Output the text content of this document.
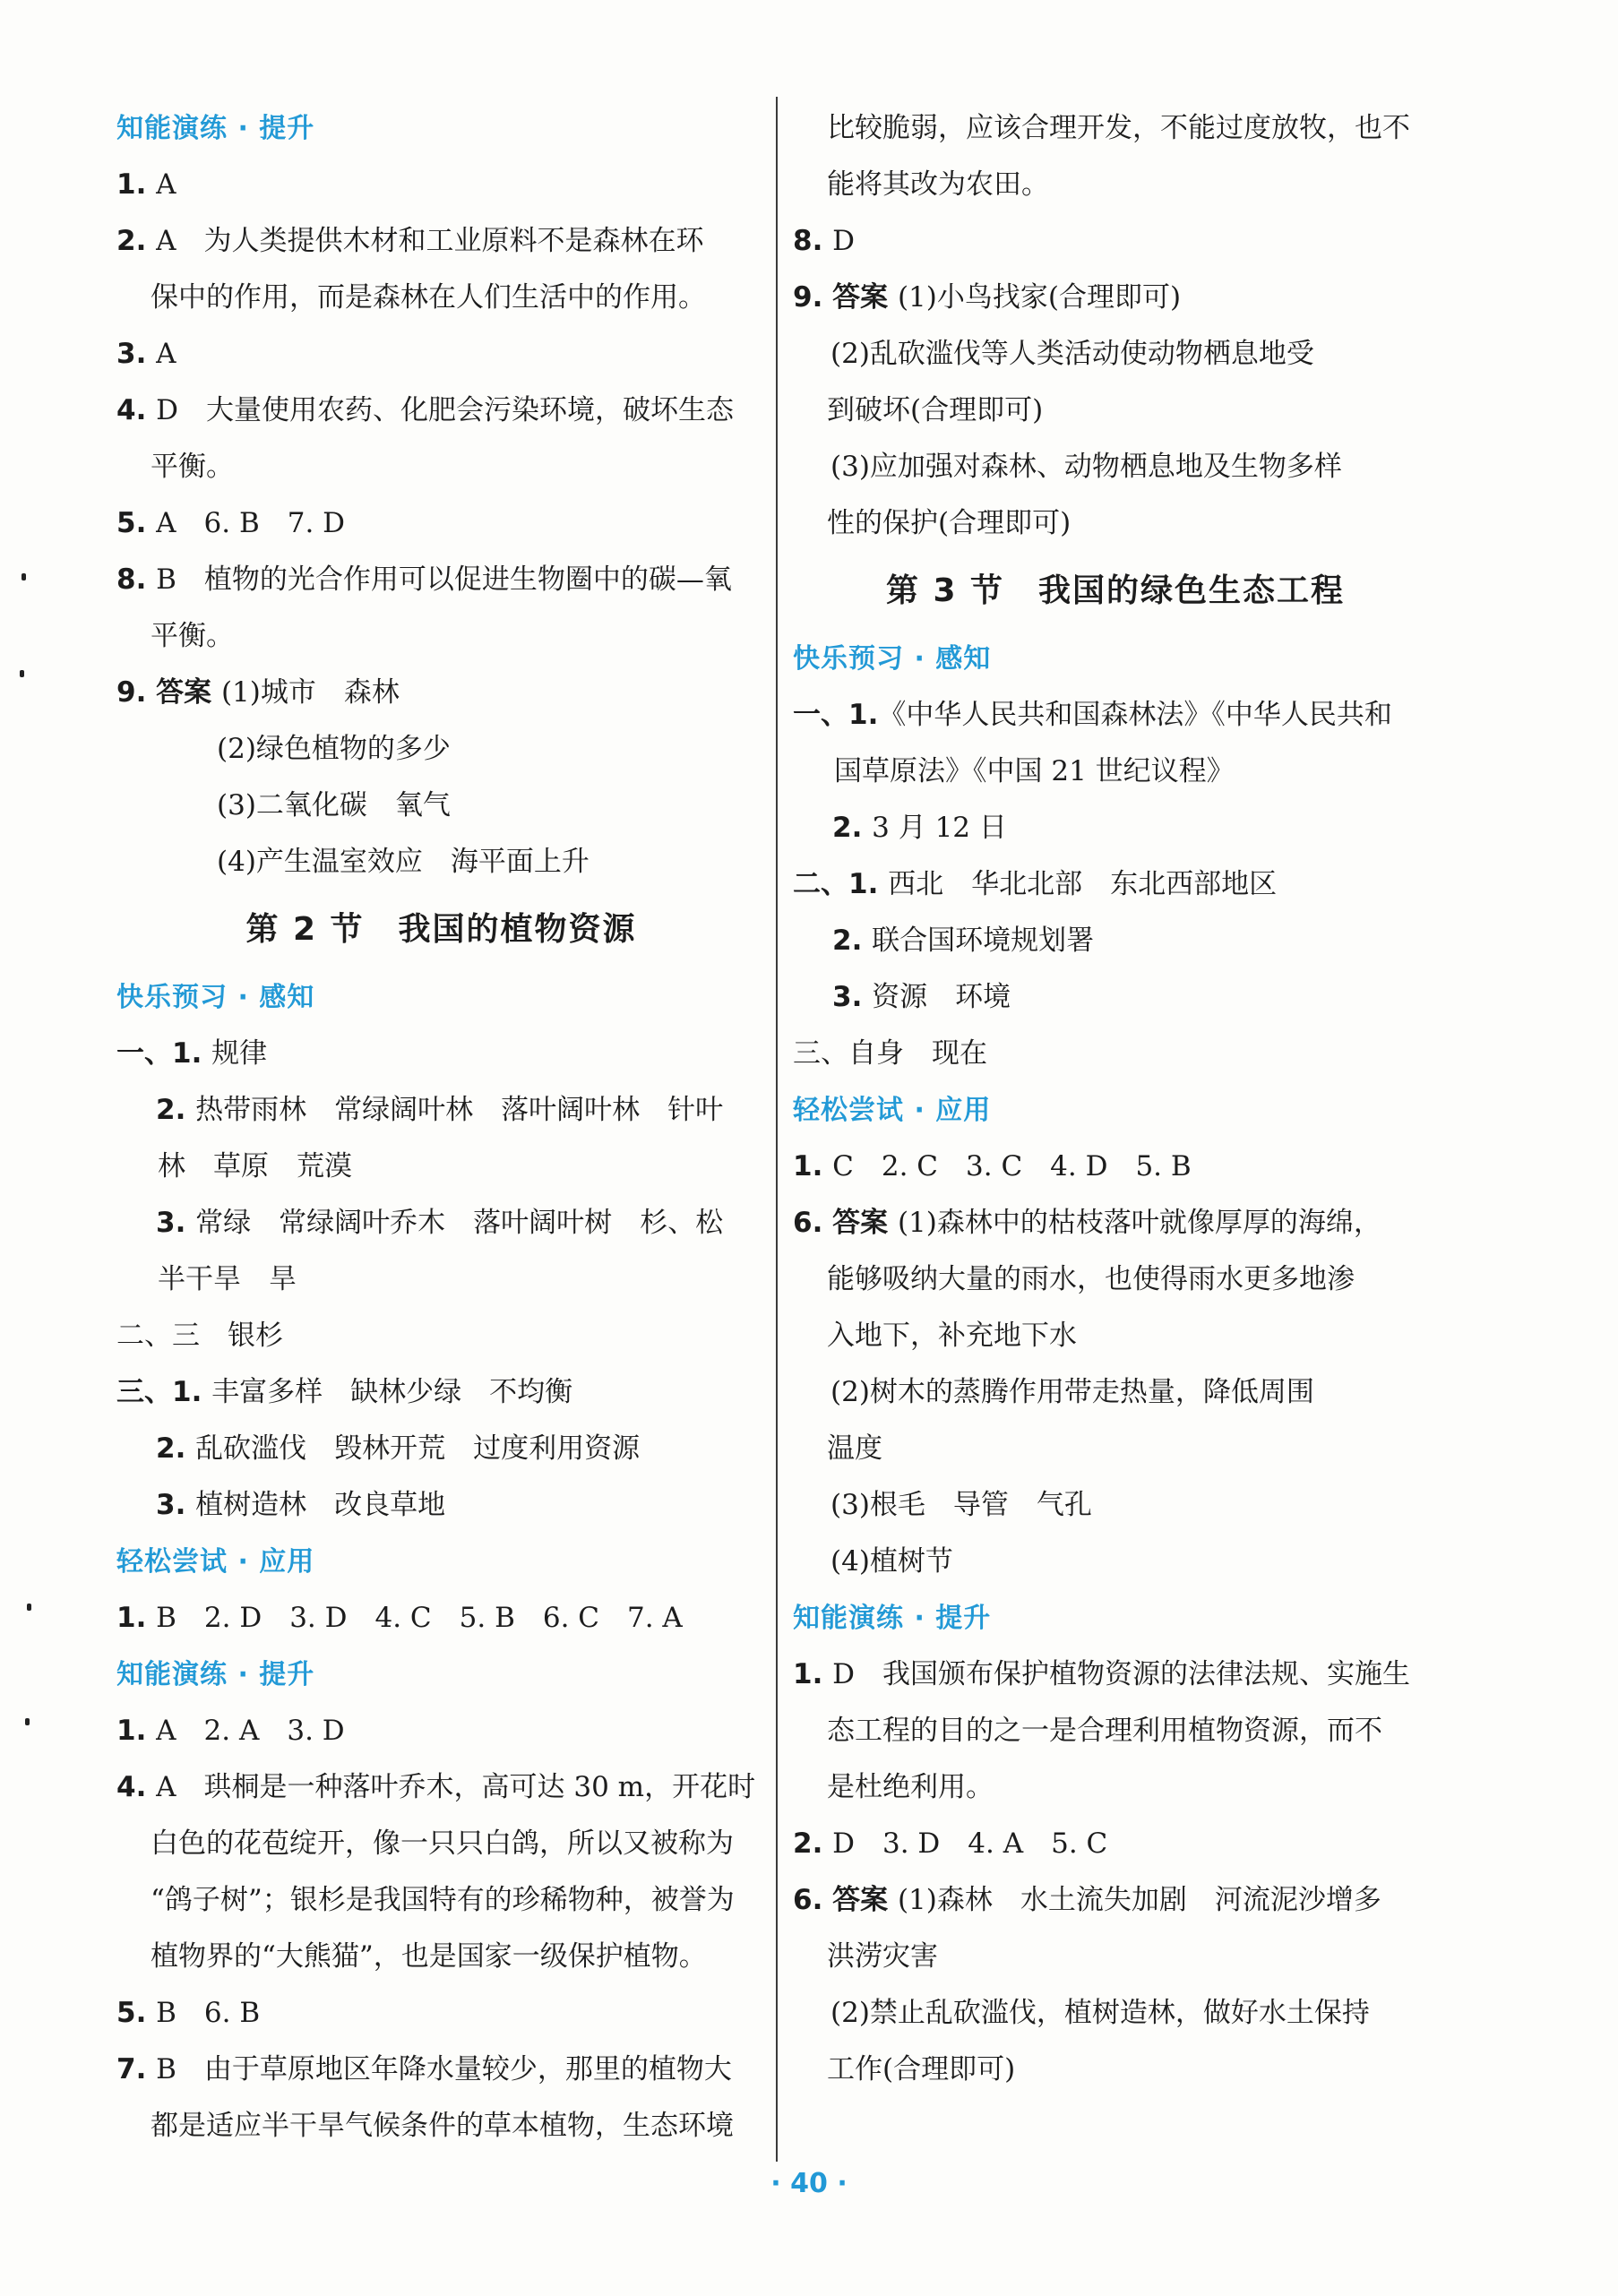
知能演练 · 提升
1. A
2. A　为人类提供木材和工业原料不是森林在环
保中的作用，而是森林在人们生活中的作用。
3. A
4. D　大量使用农药、化肥会污染环境，破坏生态
平衡。
5. A　6. B　7. D
8. B　植物的光合作用可以促进生物圈中的碳—氧
平衡。
9. 答案 (1)城市　森林
(2)绿色植物的多少
(3)二氧化碳　氧气
(4)产生温室效应　海平面上升
第 2 节　我国的植物资源
快乐预习 · 感知
一、1. 规律
2. 热带雨林　常绿阔叶林　落叶阔叶林　针叶
林　草原　荒漠
3. 常绿　常绿阔叶乔木　落叶阔叶树　杉、松
半干旱　旱
二、三　银杉
三、1. 丰富多样　缺林少绿　不均衡
2. 乱砍滥伐　毁林开荒　过度利用资源
3. 植树造林　改良草地
轻松尝试 · 应用
1. B　2. D　3. D　4. C　5. B　6. C　7. A
知能演练 · 提升
1. A　2. A　3. D
4. A　珙桐是一种落叶乔木，高可达 30 m，开花时
白色的花苞绽开，像一只只白鸽，所以又被称为
“鸽子树”；银杉是我国特有的珍稀物种，被誉为
植物界的“大熊猫”，也是国家一级保护植物。
5. B　6. B
7. B　由于草原地区年降水量较少，那里的植物大
都是适应半干旱气候条件的草本植物，生态环境
比较脆弱，应该合理开发，不能过度放牧，也不
能将其改为农田。
8. D
9. 答案 (1)小鸟找家(合理即可)
(2)乱砍滥伐等人类活动使动物栖息地受
到破坏(合理即可)
(3)应加强对森林、动物栖息地及生物多样
性的保护(合理即可)
第 3 节　我国的绿色生态工程
快乐预习 · 感知
一、1.《中华人民共和国森林法》《中华人民共和
国草原法》《中国 21 世纪议程》
2. 3 月 12 日
二、1. 西北　华北北部　东北西部地区
2. 联合国环境规划署
3. 资源　环境
三、自身　现在
轻松尝试 · 应用
1. C　2. C　3. C　4. D　5. B
6. 答案 (1)森林中的枯枝落叶就像厚厚的海绵，
能够吸纳大量的雨水，也使得雨水更多地渗
入地下，补充地下水
(2)树木的蒸腾作用带走热量，降低周围
温度
(3)根毛　导管　气孔
(4)植树节
知能演练 · 提升
1. D　我国颁布保护植物资源的法律法规、实施生
态工程的目的之一是合理利用植物资源，而不
是杜绝利用。
2. D　3. D　4. A　5. C
6. 答案 (1)森林　水土流失加剧　河流泥沙增多
洪涝灾害
(2)禁止乱砍滥伐，植树造林，做好水土保持
工作(合理即可)
· 40 ·
